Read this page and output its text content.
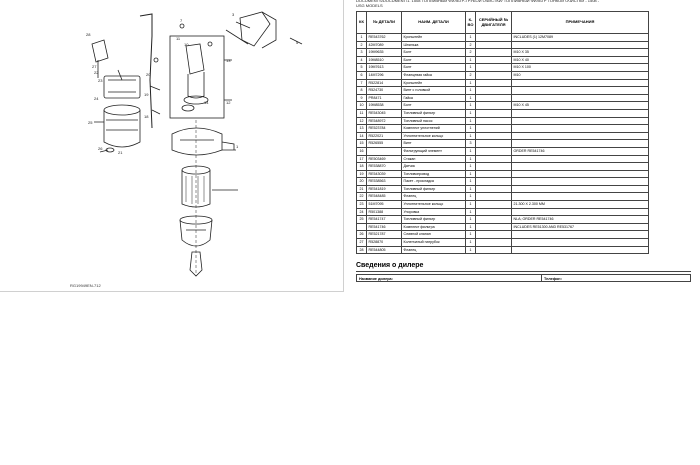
28
27
22
23
24
25
26
21
20
19
18
13
12
14
1
10
11
7
5
3
RG19949EN-712
DOCUMENTS/DOCUMENT/1. 1508 ТОПЛИВНЫЙ ФИЛЬТР-ГРУБОЙ ОЧИСТКИ/ ТОПЛИВНЫЙ ФИЛЬТР ТОНКОЙ ОЧИСТКИ - 1508 -
USG MODELS
КК	№ ДЕТАЛИ	НАИМ. ДЕТАЛИ	К-ВО	СЕРИЙНЫЙ № ДВИГАТЕЛЯ	ПРИМЕЧАНИЯ
1	RE543762	Кронштейн	1		INCLUDES (1) 12M7089
2	42M7089	Шпилька	2		
3	19M9635	Болт	2		M10 X 35
4	19M8510	Болт	1		M10 X 40
5	19M7613	Болт	1		M10 X 100
6	14M7296	Фланцевая гайка	2		M10
7	R522814	Кронштейн	1		
8	R524730	Винт с головкой	1		
9	PR8471	Гайка	1		
10	19M8538	Болт	1		M10 X 45
11	RE543045	Топливный фильтр	1		
12	RE548972	Топливный насос	1		
13	RE523784	Комплект уплотнений	1		
14	R522021	Уплотнительное кольцо	1		
15	R526555	Винт	3		
16		Фильтрующий элемент	1		ORDER RE541746
17	RE503469	Стакан	1		
18	RE538870	Датчик	1		
19	RE543039	Топливопровод	1		
20	RE538563	Пакет - прокладка	1		
21	RE541819	Топливный фильтр	1		
22	RE548485	Фланец	1		
23	51M7095	Уплотнительное кольцо	1		21.300 X 2.300 MM
24	R501388	Упоровка	1		
25	RE541747	Топливный фильтр	1		NLA; ORDER RE541746
	RE541746	Комплект фильтра	1		INCLUDES RE51300 AND RE531767
26	RE521787	Сливной клапан	1		
27	R528870	Коленчатый патрубок	1		
28	RE544805	Фланец	1		
Сведения о дилере
Название дилера:	Телефон:
